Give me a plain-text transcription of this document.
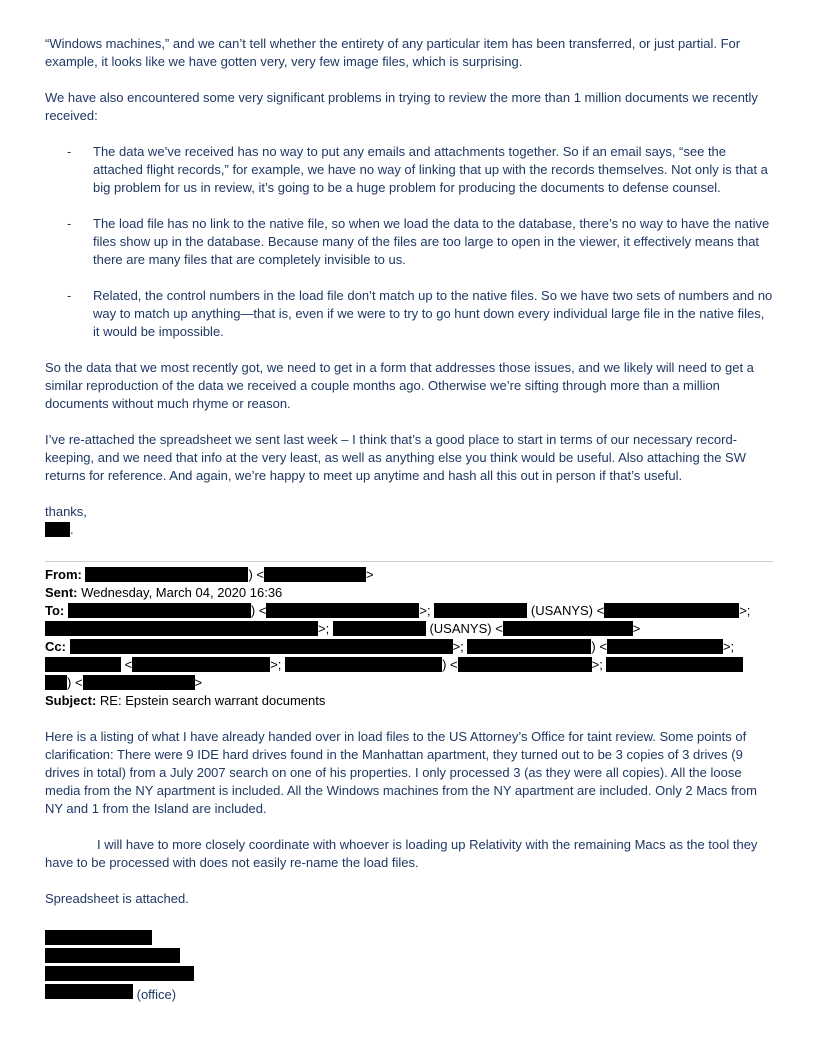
“Windows machines,” and we can’t tell whether the entirety of any particular item has been transferred, or just partial. For example, it looks like we have gotten very, very few image files, which is surprising.

We have also encountered some very significant problems in trying to review the more than 1 million documents we recently received:

- The data we’ve received has no way to put any emails and attachments together. So if an email says, “see the attached flight records,” for example, we have no way of linking that up with the records themselves. Not only is that a big problem for us in review, it’s going to be a huge problem for producing the documents to defense counsel.
- The load file has no link to the native file, so when we load the data to the database, there’s no way to have the native files show up in the database. Because many of the files are too large to open in the viewer, it effectively means that there are many files that are completely invisible to us.
- Related, the control numbers in the load file don’t match up to the native files. So we have two sets of numbers and no way to match up anything—that is, even if we were to try to go hunt down every individual large file in the native files, it would be impossible.

So the data that we most recently got, we need to get in a form that addresses those issues, and we likely will need to get a similar reproduction of the data we received a couple months ago. Otherwise we’re sifting through more than a million documents without much rhyme or reason.

I’ve re-attached the spreadsheet we sent last week – I think that’s a good place to start in terms of our necessary record-keeping, and we need that info at the very least, as well as anything else you think would be useful. Also attaching the SW returns for reference. And again, we’re happy to meet up anytime and hash all this out in person if that’s useful.

thanks,

.

From:	) <	>
Sent: Wednesday, March 04, 2020 16:36
To:	) <	>;	(USANYS) <	>;
>;	(USANYS) <	>
Cc:	>;	) <	>;
<	>;	) <	>;
) <	>
Subject: RE: Epstein search warrant documents

Here is a listing of what I have already handed over in load files to the US Attorney’s Office for taint review. Some points of clarification: There were 9 IDE hard drives found in the Manhattan apartment, they turned out to be 3 copies of 3 drives (9 drives in total) from a July 2007 search on one of his properties. I only processed 3 (as they were all copies). All the loose media from the NY apartment is included. All the Windows machines from the NY apartment are included. Only 2 Macs from NY and 1 from the Island are included.

I will have to more closely coordinate with whoever is loading up Relativity with the remaining Macs as the tool they have to be processed with does not easily re-name the load files.

Spreadsheet is attached.

(office)
